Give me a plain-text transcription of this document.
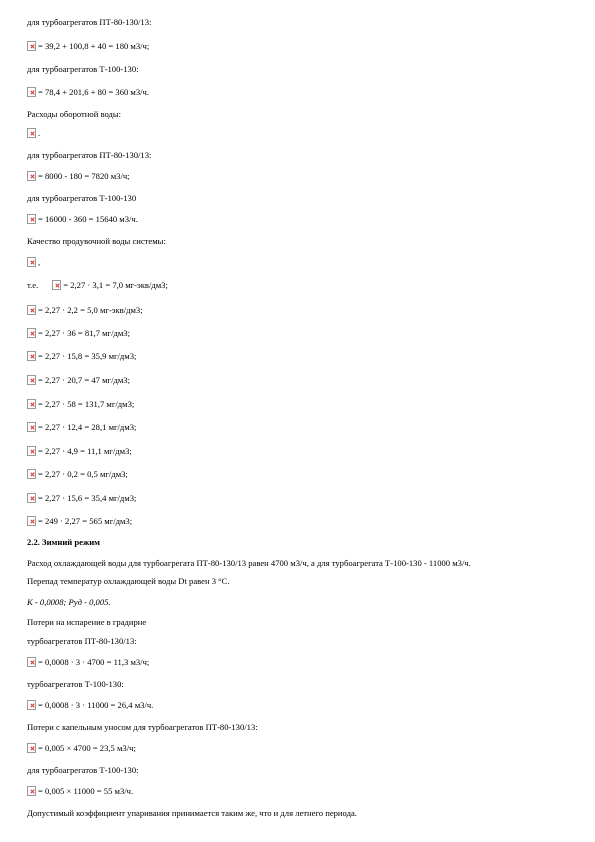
для турбоагрегатов ПТ-80-130/13:
= 39,2 + 100,8 + 40 = 180 м3/ч;
для турбоагрегатов Т-100-130:
= 78,4 + 201,6 + 80 = 360 м3/ч.
Расходы оборотной воды:
.
для турбоагрегатов ПТ-80-130/13:
= 8000 - 180 = 7820 м3/ч;
для турбоагрегатов Т-100-130
= 16000 - 360 = 15640 м3/ч.
Качество продувочной воды системы:
,
т.е.	= 2,27 · 3,1 = 7,0 мг-экв/дм3;
= 2,27 · 2,2 = 5,0 мг-экв/дм3;
= 2,27 · 36 = 81,7 мг/дм3;
= 2,27 · 15,8 = 35,9 мг/дм3;
= 2,27 · 20,7 = 47 мг/дм3;
= 2,27 · 58 = 131,7 мг/дм3;
= 2,27 · 12,4 = 28,1 мг/дм3;
= 2,27 · 4,9 = 11,1 мг/дм3;
= 2,27 · 0,2 = 0,5 мг/дм3;
= 2,27 · 15,6 = 35,4 мг/дм3;
= 249 · 2,27 = 565 мг/дм3;
2.2. Зимний режим
Расход охлаждающей воды для турбоагрегата ПТ-80-130/13 равен 4700 м3/ч, а для турбоагрегата Т-100-130 - 11000 м3/ч.
Перепад температур охлаждающей воды Dt равен 3 °С.
K - 0,0008; Руд - 0,005.
Потери на испарение в градирне
турбоагрегатов ПТ-80-130/13:
= 0,0008 · 3 · 4700 = 11,3 м3/ч;
турбоагрегатов Т-100-130:
= 0,0008 · 3 · 11000 = 26,4 м3/ч.
Потери с капельным уносом для турбоагрегатов ПТ-80-130/13:
= 0,005 × 4700 = 23,5 м3/ч;
для турбоагрегатов Т-100-130:
= 0,005 × 11000 = 55 м3/ч.
Допустимый коэффициент упаривания принимается таким же, что и для летнего периода.
